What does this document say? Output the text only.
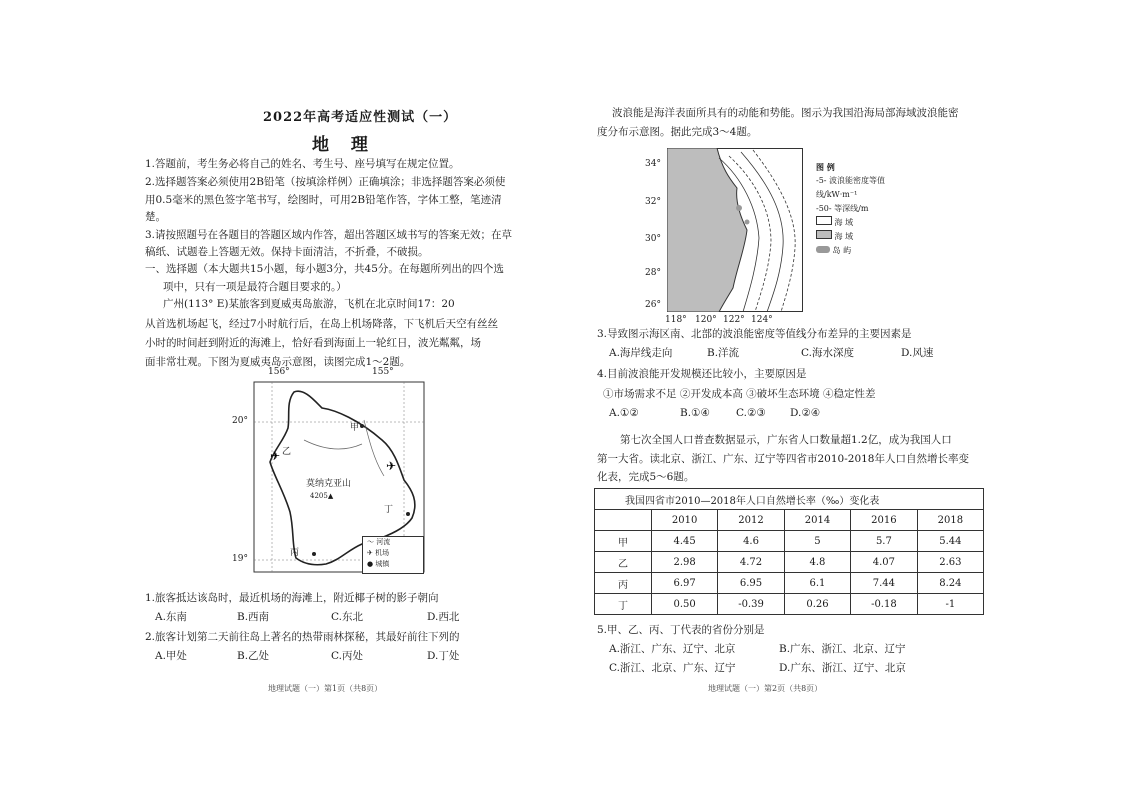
2022年高考适应性测试（一）
地 理
1.答题前，考生务必将自己的姓名、考生号、座号填写在规定位置。
2.选择题答案必须使用2B铅笔（按填涂样例）正确填涂；非选择题答案必须使
用0.5毫米的黑色签字笔书写，绘图时，可用2B铅笔作答，字体工整，笔迹清
楚。
3.请按照题号在各题目的答题区域内作答，超出答题区域书写的答案无效；在草
稿纸、试题卷上答题无效。保持卡面清洁，不折叠，不破损。
一、选择题（本大题共15小题，每小题3分，共45分。在每题所列出的四个选
项中，只有一项是最符合题目要求的。）
广州(113° E)某旅客到夏威夷岛旅游，飞机在北京时间17：20
从首选机场起飞，经过7小时航行后，在岛上机场降落，下飞机后天空有丝丝
小时的时间赶到附近的海滩上，恰好看到海面上一轮红日，波光粼粼，场
面非常壮观。下图为夏威夷岛示意图，读图完成1～2题。
156°	155°
✈
✈
20°
19°
莫纳克亚山
4205▲
甲
乙
丙
丁
～ 河流
✈ 机场
● 城镇
1.旅客抵达该岛时，最近机场的海滩上，附近椰子树的影子朝向
A.东南	B.西南	C.东北	D.西北
2.旅客计划第二天前往岛上著名的热带雨林探秘，其最好前往下列的
A.甲处	B.乙处	C.丙处	D.丁处
地理试题（一）第1页（共8页）
波浪能是海洋表面所具有的动能和势能。图示为我国沿海局部海域波浪能密
度分布示意图。据此完成3～4题。
34°
32°
30°
28°
26°
118° 120° 122° 124°
图 例
-5- 波浪能密度等值线/kW·m⁻¹
-50- 等深线/m
海 域
海 域
岛 屿
3.导致图示海区南、北部的波浪能密度等值线分布差异的主要因素是
A.海岸线走向	B.洋流	C.海水深度	D.风速
4.目前波浪能开发规模还比较小，主要原因是
①市场需求不足 ②开发成本高 ③破坏生态环境 ④稳定性差
A.①②	B.①④ C.②③ D.②④
第七次全国人口普查数据显示，广东省人口数量超1.2亿，成为我国人口
第一大省。读北京、浙江、广东、辽宁等四省市2010-2018年人口自然增长率变
化表，完成5～6题。
我国四省市2010—2018年人口自然增长率（‰）变化表					
	2010	2012	2014	2016	2018
甲	4.45	4.6	5	5.7	5.44
乙	2.98	4.72	4.8	4.07	2.63
丙	6.97	6.95	6.1	7.44	8.24
丁	0.50	-0.39	0.26	-0.18	-1
5.甲、乙、丙、丁代表的省份分别是
A.浙江、广东、辽宁、北京	B.广东、浙江、北京、辽宁
C.浙江、北京、广东、辽宁	D.广东、浙江、辽宁、北京
地理试题（一）第2页（共8页）
